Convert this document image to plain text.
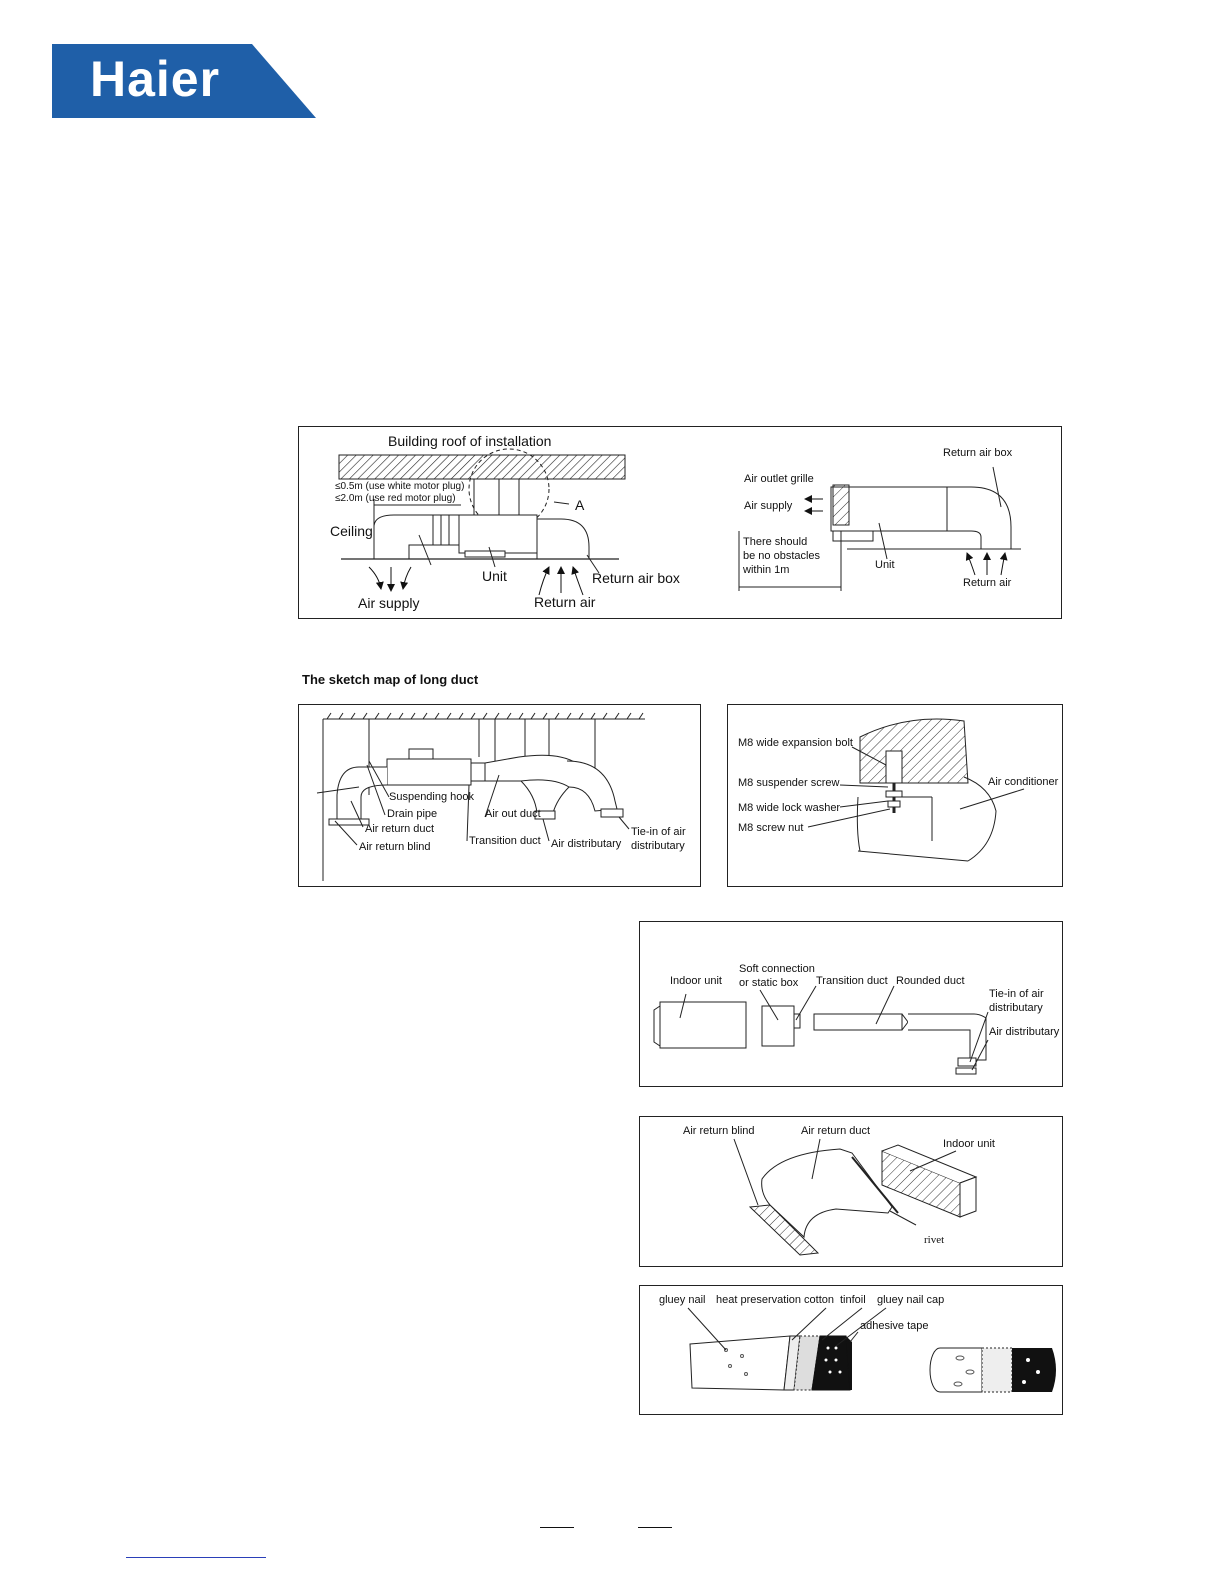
Haier
Building roof of installation
≤0.5m (use white motor plug)
≤2.0m (use red motor plug)	A
Ceiling
Unit	Return air box
Air supply	Return air
Return air box
Air outlet grille
Air supply
There should
be no obstacles
within 1m	Unit
Return air
The sketch map of long duct
Suspending hook
Drain pipe
Air return duct
Air return blind
Air out duct
Transition duct Air distributary
Tie-in of air
distributary
M8 wide expansion bolt
M8 suspender screw
M8 wide lock washer
M8 screw nut
Air conditioner
Indoor unit
Soft connection
or static box Transition duct Rounded duct
Tie-in of air
distributary
Air distributary
Air return blind	Air return duct
Indoor unit
rivet
gluey nail heat preservation cotton tinfoil gluey nail cap
adhesive tape
